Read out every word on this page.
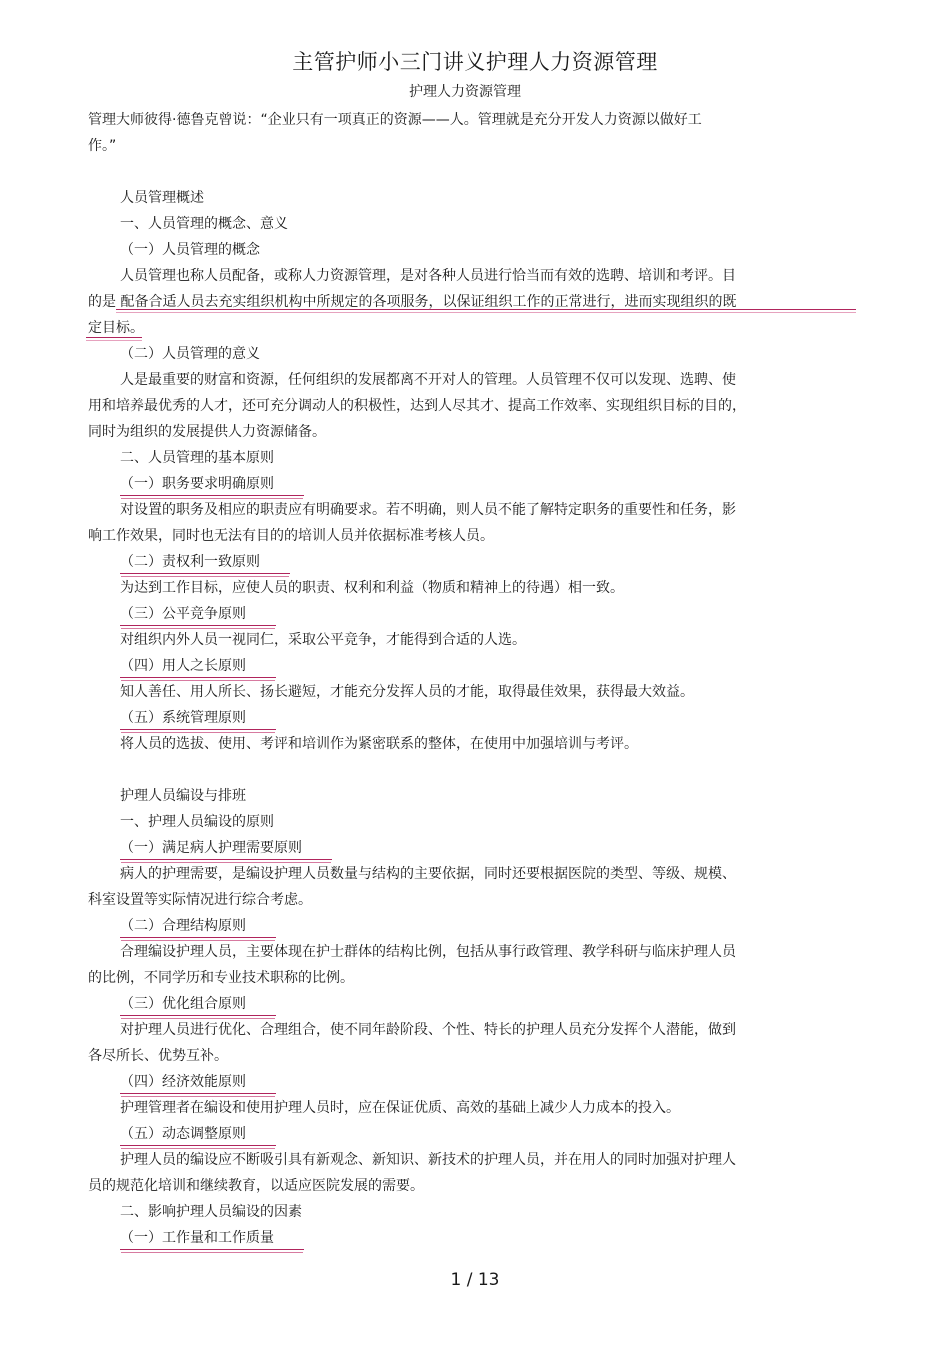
主管护师小三门讲义护理人力资源管理
护理人力资源管理
管理大师彼得·德鲁克曾说：“企业只有一项真正的资源——人。管理就是充分开发人力资源以做好工
作。”
人员管理概述
一、人员管理的概念、意义
（一）人员管理的概念
人员管理也称人员配备，或称人力资源管理，是对各种人员进行恰当而有效的选聘、培训和考评。目
的是 配备合适人员去充实组织机构中所规定的各项服务，以保证组织工作的正常进行，进而实现组织的既
定目标。
（二）人员管理的意义
人是最重要的财富和资源，任何组织的发展都离不开对人的管理。人员管理不仅可以发现、选聘、使
用和培养最优秀的人才，还可充分调动人的积极性，达到人尽其才、提高工作效率、实现组织目标的目的，
同时为组织的发展提供人力资源储备。
二、人员管理的基本原则
（一）职务要求明确原则
对设置的职务及相应的职责应有明确要求。若不明确，则人员不能了解特定职务的重要性和任务，影
响工作效果，同时也无法有目的的培训人员并依据标准考核人员。
（二）责权利一致原则
为达到工作目标，应使人员的职责、权利和利益（物质和精神上的待遇）相一致。
（三）公平竞争原则
对组织内外人员一视同仁，采取公平竞争，才能得到合适的人选。
（四）用人之长原则
知人善任、用人所长、扬长避短，才能充分发挥人员的才能，取得最佳效果，获得最大效益。
（五）系统管理原则
将人员的选拔、使用、考评和培训作为紧密联系的整体，在使用中加强培训与考评。
护理人员编设与排班
一、护理人员编设的原则
（一）满足病人护理需要原则
病人的护理需要，是编设护理人员数量与结构的主要依据，同时还要根据医院的类型、等级、规模、
科室设置等实际情况进行综合考虑。
（二）合理结构原则
合理编设护理人员，主要体现在护士群体的结构比例，包括从事行政管理、教学科研与临床护理人员
的比例，不同学历和专业技术职称的比例。
（三）优化组合原则
对护理人员进行优化、合理组合，使不同年龄阶段、个性、特长的护理人员充分发挥个人潜能，做到
各尽所长、优势互补。
（四）经济效能原则
护理管理者在编设和使用护理人员时，应在保证优质、高效的基础上减少人力成本的投入。
（五）动态调整原则
护理人员的编设应不断吸引具有新观念、新知识、新技术的护理人员，并在用人的同时加强对护理人
员的规范化培训和继续教育，以适应医院发展的需要。
二、影响护理人员编设的因素
（一）工作量和工作质量
1 / 13
